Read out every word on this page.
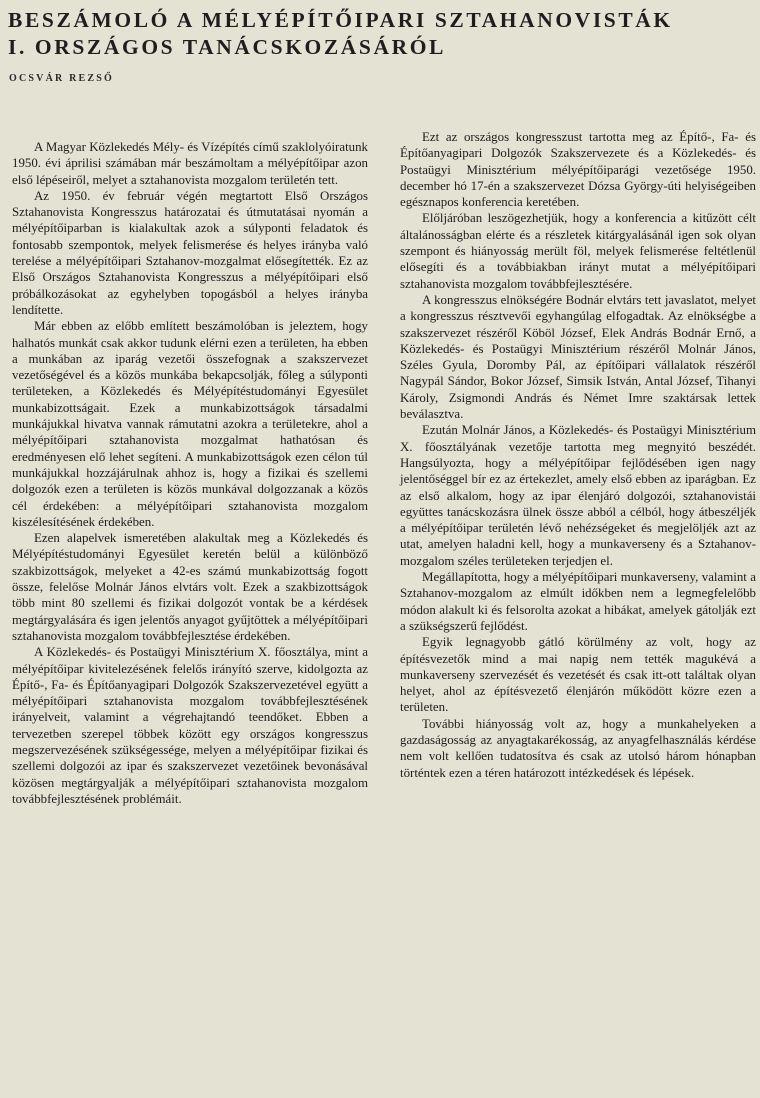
BESZÁMOLÓ A MÉLYÉPÍTŐIPARI SZTAHANOVISTÁK
I. ORSZÁGOS TANÁCSKOZÁSÁRÓL
OCSVÁR REZSŐ

A Magyar Közlekedés Mély- és Vízépítés című szaklolyóiratunk 1950. évi áprilisi számában már beszámoltam a mélyépítőipar azon első lépéseiről, melyet a sztahanovista mozgalom területén tett.

Az 1950. év február végén megtartott Első Országos Sztahanovista Kongresszus határozatai és útmutatásai nyomán a mélyépítőiparban is kialakultak azok a súlyponti feladatok és fontosabb szempontok, melyek felismerése és helyes irányba való terelése a mélyépítőipari Sztahanov-mozgalmat elősegítették. Ez az Első Országos Sztahanovista Kongresszus a mélyépítőipari első próbálkozásokat az egyhelyben topogásból a helyes irányba lendítette.

Már ebben az előbb említett beszámolóban is jeleztem, hogy halhatós munkát csak akkor tudunk elérni ezen a területen, ha ebben a munkában az iparág vezetői összefognak a szakszervezet vezetőségével és a közös munkába bekapcsolják, főleg a súlyponti területeken, a Közlekedés és Mélyépítéstudományi Egyesület munkabizottságait. Ezek a munkabizottságok társadalmi munkájukkal hivatva vannak rámutatni azokra a területekre, ahol a mélyépítőipari sztahanovista mozgalmat hathatósan és eredményesen elő lehet segíteni. A munkabizottságok ezen célon túl munkájukkal hozzájárulnak ahhoz is, hogy a fizikai és szellemi dolgozók ezen a területen is közös munkával dolgozzanak a közös cél érdekében: a mélyépítőipari sztahanovista mozgalom kiszélesítésének érdekében.

Ezen alapelvek ismeretében alakultak meg a Közlekedés és Mélyépítéstudományi Egyesület keretén belül a különböző szakbizottságok, melyeket a 42-es számú munkabizottság fogott össze, felelőse Molnár János elvtárs volt. Ezek a szakbizottságok több mint 80 szellemi és fizikai dolgozót vontak be a kérdések megtárgyalására és igen jelentős anyagot gyűjtöttek a mélyépítőipari sztahanovista mozgalom továbbfejlesztése érdekében.

A Közlekedés- és Postaügyi Minisztérium X. főosztálya, mint a mélyépítőipar kivitelezésének felelős irányító szerve, kidolgozta az Építő-, Fa- és Építőanyagipari Dolgozók Szakszervezetével együtt a mélyépítőipari sztahanovista mozgalom továbbfejlesztésének irányelveit, valamint a végrehajtandó teendőket. Ebben a tervezetben szerepel többek között egy országos kongresszus megszervezésének szükségessége, melyen a mélyépítőipar fizikai és szellemi dolgozói az ipar és szakszervezet vezetőinek bevonásával közösen megtárgyalják a mélyépítőipari sztahanovista mozgalom továbbfejlesztésének problémáit.

Ezt az országos kongresszust tartotta meg az Építő-, Fa- és Építőanyagipari Dolgozók Szakszervezete és a Közlekedés- és Postaügyi Minisztérium mélyépítőiparági vezetősége 1950. december hó 17-én a szakszervezet Dózsa György-úti helyiségeiben egésznapos konferencia keretében.

Előljáróban leszögezhetjük, hogy a konferencia a kitűzött célt általánosságban elérte és a részletek kitárgyalásánál igen sok olyan szempont és hiányosság merült föl, melyek felismerése feltétlenül elősegíti és a továbbiakban irányt mutat a mélyépítőipari sztahanovista mozgalom továbbfejlesztésére.

A kongresszus elnökségére Bodnár elvtárs tett javaslatot, melyet a kongresszus résztvevői egyhangúlag elfogadtak. Az elnökségbe a szakszervezet részéről Köböl József, Elek András Bodnár Ernő, a Közlekedés- és Postaügyi Minisztérium részéről Molnár János, Széles Gyula, Doromby Pál, az építőipari vállalatok részéről Nagypál Sándor, Bokor József, Simsik István, Antal József, Tihanyi Károly, Zsigmondi András és Német Imre szaktársak lettek beválasztva.

Ezután Molnár János, a Közlekedés- és Postaügyi Minisztérium X. főosztályának vezetője tartotta meg megnyitó beszédét. Hangsúlyozta, hogy a mélyépítőipar fejlődésében igen nagy jelentőséggel bír ez az értekezlet, amely első ebben az iparágban. Ez az első alkalom, hogy az ipar élenjáró dolgozói, sztahanovistái együttes tanácskozásra ülnek össze abból a célból, hogy átbeszéljék a mélyépítőipar területén lévő nehézségeket és megjelöljék azt az utat, amelyen haladni kell, hogy a munkaverseny és a Sztahanov-mozgalom széles területeken terjedjen el.

Megállapította, hogy a mélyépítőipari munkaverseny, valamint a Sztahanov-mozgalom az elmúlt időkben nem a legmegfelelőbb módon alakult ki és felsorolta azokat a hibákat, amelyek gátolják ezt a szükségszerű fejlődést.

Egyik legnagyobb gátló körülmény az volt, hogy az építésvezetők mind a mai napig nem tették magukévá a munkaverseny szervezését és vezetését és csak itt-ott találtak olyan helyet, ahol az építésvezető élenjárón működött közre ezen a területen.

További hiányosság volt az, hogy a munkahelyeken a gazdaságosság az anyagtakarékosság, az anyagfelhasználás kérdése nem volt kellően tudatosítva és csak az utolsó három hónapban történtek ezen a téren határozott intézkedések és lépések.
